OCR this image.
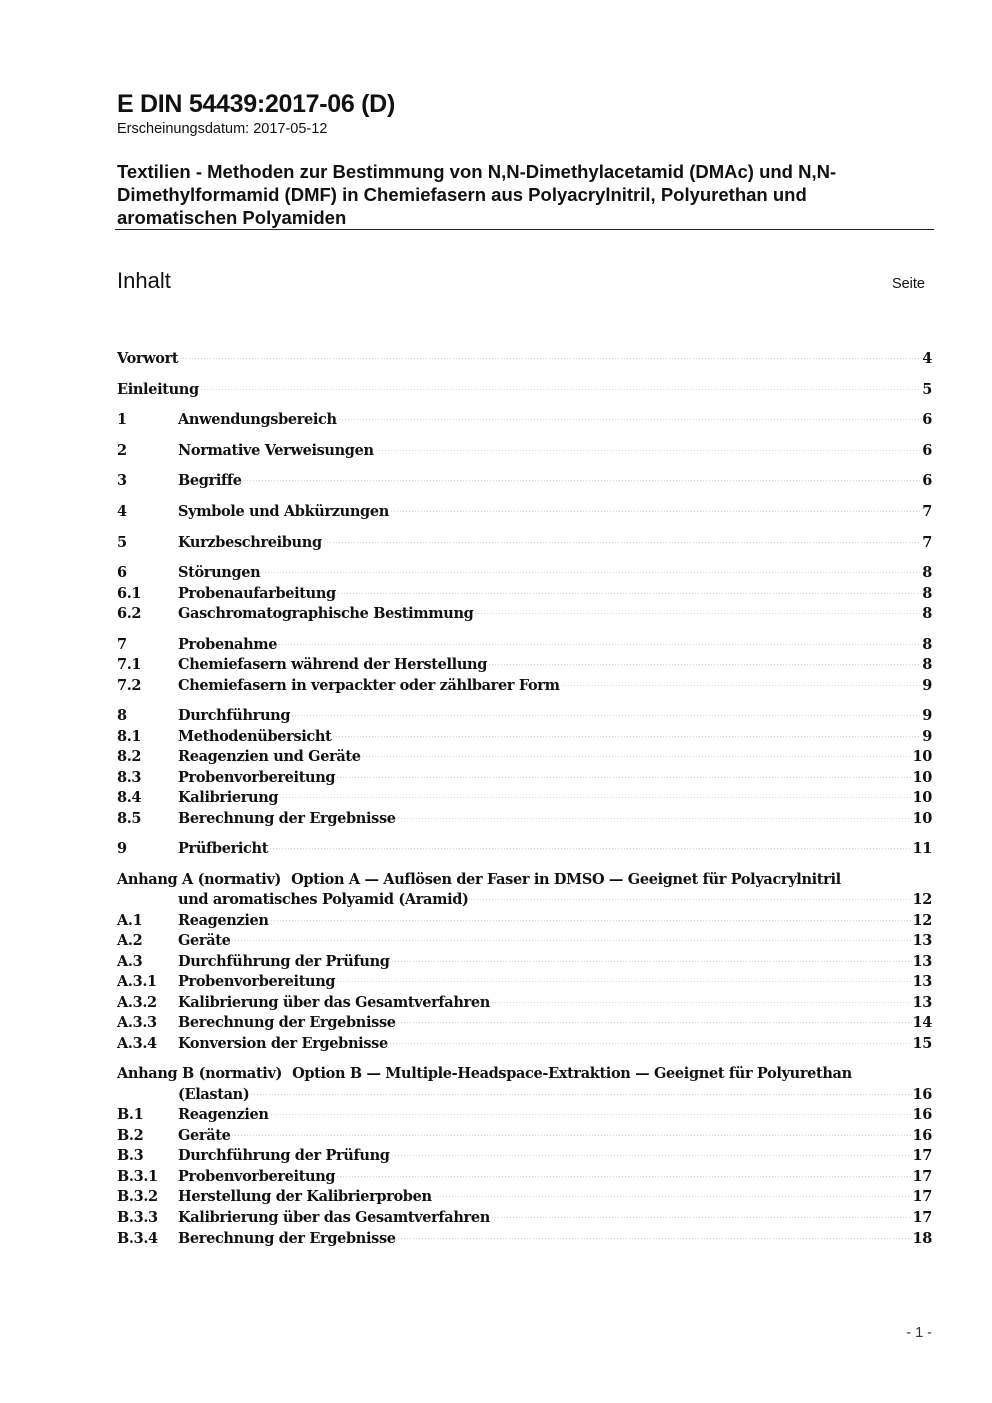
E DIN 54439:2017-06 (D)
Erscheinungsdatum: 2017-05-12
Textilien - Methoden zur Bestimmung von N,N-Dimethylacetamid (DMAc) und N,N-
Dimethylformamid (DMF) in Chemiefasern aus Polyacrylnitril, Polyurethan und
aromatischen Polyamiden
Inhalt	Seite
Vorwort	4
Einleitung	5
1	Anwendungsbereich	6
2	Normative Verweisungen	6
3	Begriffe	6
4	Symbole und Abkürzungen	7
5	Kurzbeschreibung	7
6	Störungen	8
6.1	Probenaufarbeitung	8
6.2	Gaschromatographische Bestimmung	8
7	Probenahme	8
7.1	Chemiefasern während der Herstellung	8
7.2	Chemiefasern in verpackter oder zählbarer Form	9
8	Durchführung	9
8.1	Methodenübersicht	9
8.2	Reagenzien und Geräte	10
8.3	Probenvorbereitung	10
8.4	Kalibrierung	10
8.5	Berechnung der Ergebnisse	10
9	Prüfbericht	11
Anhang A (normativ) Option A — Auflösen der Faser in DMSO — Geeignet für Polyacrylnitril
und aromatisches Polyamid (Aramid)	12
A.1 Reagenzien	12
A.2 Geräte	13
A.3 Durchführung der Prüfung	13
A.3.1 Probenvorbereitung	13
A.3.2 Kalibrierung über das Gesamtverfahren	13
A.3.3 Berechnung der Ergebnisse	14
A.3.4 Konversion der Ergebnisse	15
Anhang B (normativ) Option B — Multiple-Headspace-Extraktion — Geeignet für Polyurethan
(Elastan)	16
B.1 Reagenzien	16
B.2 Geräte	16
B.3 Durchführung der Prüfung	17
B.3.1 Probenvorbereitung	17
B.3.2 Herstellung der Kalibrierproben	17
B.3.3 Kalibrierung über das Gesamtverfahren	17
B.3.4 Berechnung der Ergebnisse	18
- 1 -
